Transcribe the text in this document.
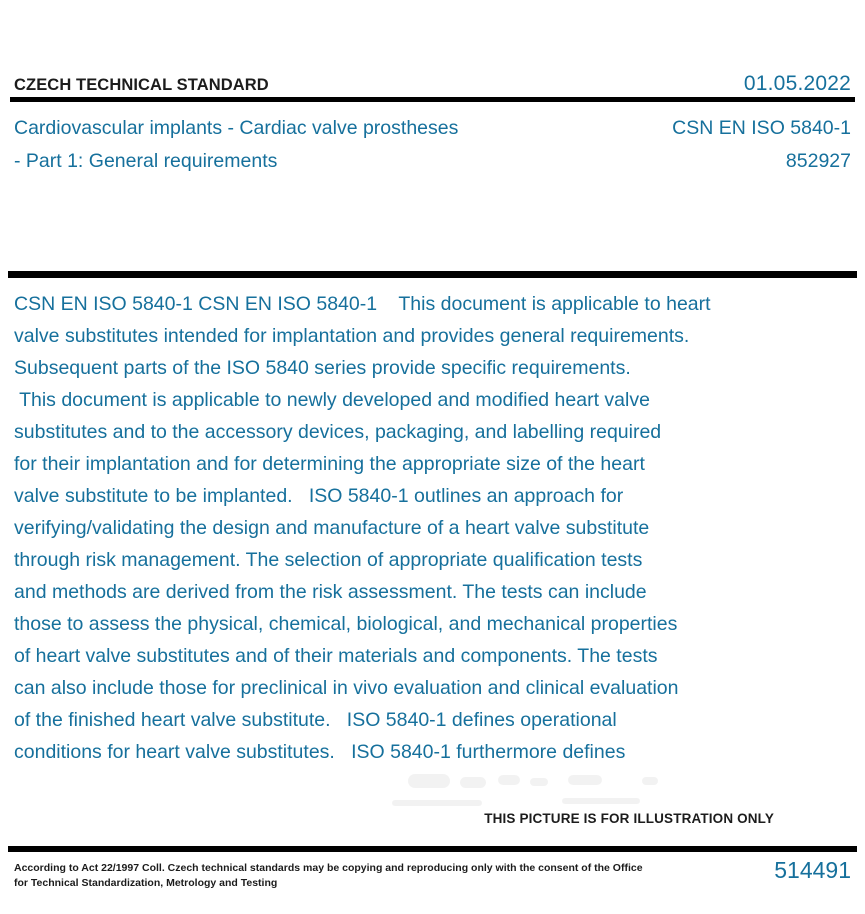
CZECH TECHNICAL STANDARD	01.05.2022
Cardiovascular implants - Cardiac valve prostheses
- Part 1: General requirements
CSN EN ISO 5840-1
852927
CSN EN ISO 5840-1 CSN EN ISO 5840-1    This document is applicable to heart
valve substitutes intended for implantation and provides general requirements.
Subsequent parts of the ISO 5840 series provide specific requirements.
This document is applicable to newly developed and modified heart valve
substitutes and to the accessory devices, packaging, and labelling required
for their implantation and for determining the appropriate size of the heart
valve substitute to be implanted.   ISO 5840-1 outlines an approach for
verifying/validating the design and manufacture of a heart valve substitute
through risk management. The selection of appropriate qualification tests
and methods are derived from the risk assessment. The tests can include
those to assess the physical, chemical, biological, and mechanical properties
of heart valve substitutes and of their materials and components. The tests
can also include those for preclinical in vivo evaluation and clinical evaluation
of the finished heart valve substitute.   ISO 5840-1 defines operational
conditions for heart valve substitutes.   ISO 5840-1 furthermore defines
THIS PICTURE IS FOR ILLUSTRATION ONLY
According to Act 22/1997 Coll. Czech technical standards may be copying and reproducing only with the consent of the Office
for Technical Standardization, Metrology and Testing	514491
